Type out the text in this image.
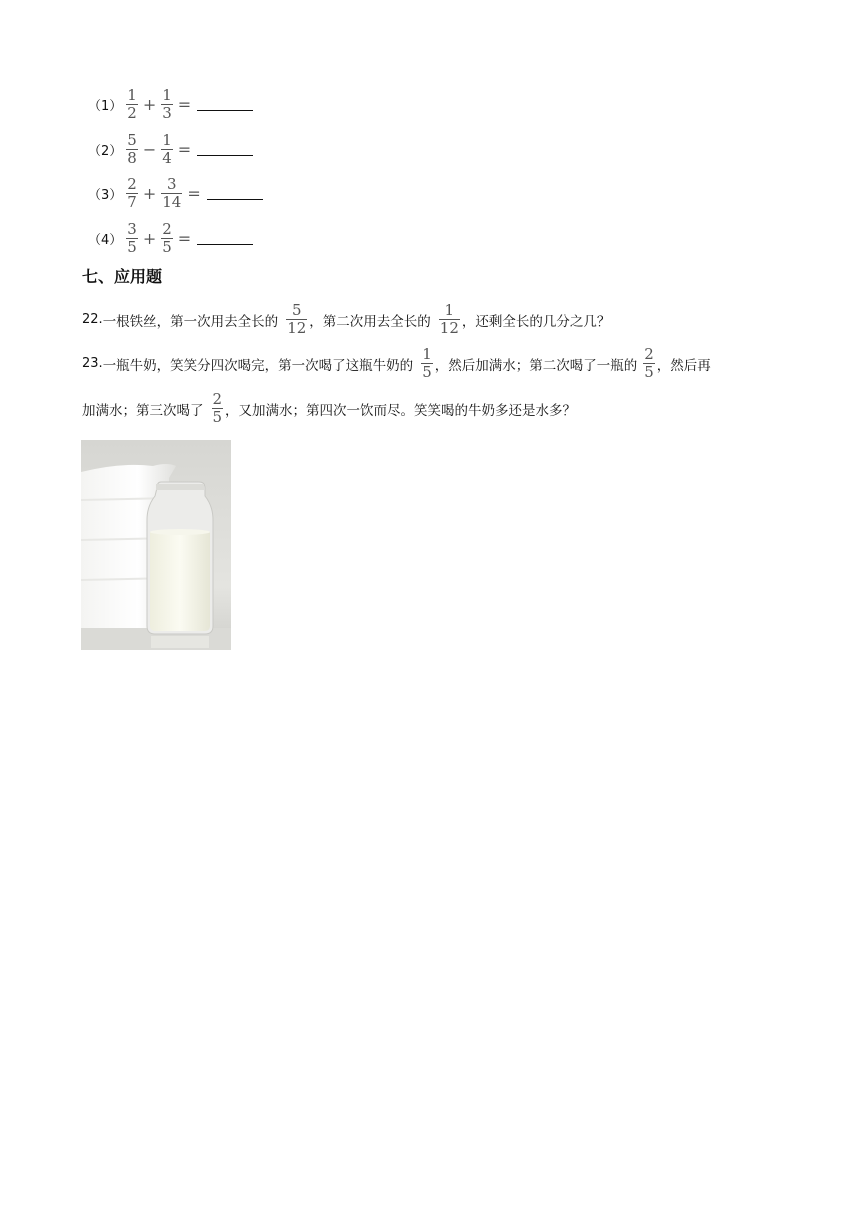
$(1) \frac{1}{2} + \frac{1}{3}$ =
$(2) \frac{5}{8} - \frac{1}{4}$ =
$(3) \frac{2}{7} + \frac{3}{14}$ =
$(4) \frac{3}{5} + \frac{2}{5}$ =
七、应用题
22. 一根铁丝，第一次用去全长的 $\frac{5}{12}$ ，第二次用去全长的 $\frac{1}{12}$ ，还剩全长的几分之几？
23. 一瓶牛奶，笑笑分四次喝完，第一次喝了这瓶牛奶的 $\frac{1}{5}$ ，然后加满水；第二次喝了一瓶的 $\frac{2}{5}$ ，然后再
加满水；第三次喝了 $\frac{2}{5}$ ，又加满水；第四次一饮而尽。笑笑喝的牛奶多还是水多？
